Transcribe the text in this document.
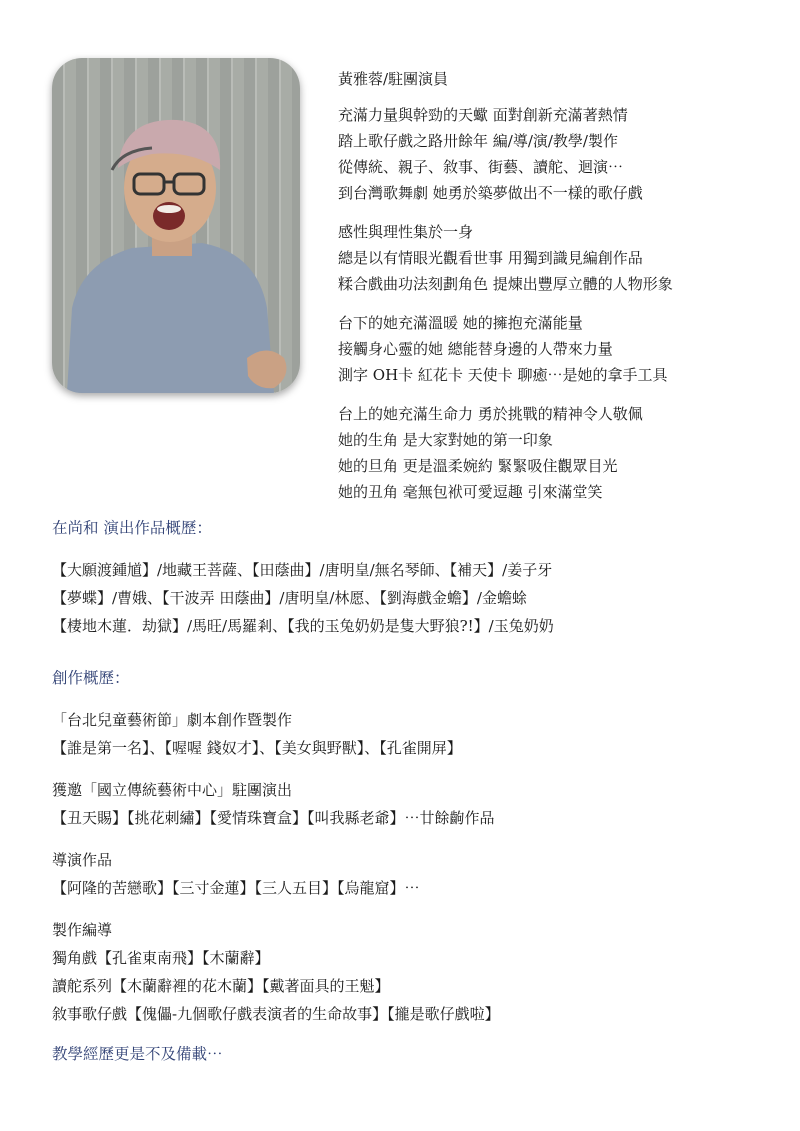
黃雅蓉/駐團演員
充滿力量與幹勁的天蠍 面對創新充滿著熱情
踏上歌仔戲之路卅餘年 編/導/演/教學/製作
從傳統、親子、敘事、街藝、讀舵、迴演⋯
到台灣歌舞劇 她勇於築夢做出不一樣的歌仔戲
感性與理性集於一身
總是以有情眼光觀看世事 用獨到識見編創作品
糅合戲曲功法刻劃角色 提煉出豐厚立體的人物形象
台下的她充滿溫暖 她的擁抱充滿能量
接觸身心靈的她 總能替身邊的人帶來力量
測字 OH卡 紅花卡 天使卡 聊癒⋯是她的拿手工具
台上的她充滿生命力 勇於挑戰的精神令人敬佩
她的生角 是大家對她的第一印象
她的旦角 更是溫柔婉約 緊緊吸住觀眾目光
她的丑角 毫無包袱可愛逗趣 引來滿堂笑
在尚和 演出作品概歷：
【大願渡鍾馗】/地藏王菩薩、【田蔭曲】/唐明皇/無名琴師、【補天】/姜子牙
【夢蝶】/曹娥、【干波弄 田蔭曲】/唐明皇/林愿、【劉海戲金蟾】/金蟾蜍
【棲地木蓮．劫獄】/馬旺/馬羅剎、【我的玉兔奶奶是隻大野狼?!】/玉兔奶奶
創作概歷：
「台北兒童藝術節」劇本創作暨製作
【誰是第一名】、【喔喔 錢奴才】、【美女與野獸】、【孔雀開屏】
獲邀「國立傳統藝術中心」駐團演出
【丑天賜】【挑花刺繡】【愛情珠寶盒】【叫我縣老爺】⋯廿餘齣作品
導演作品
【阿隆的苦戀歌】【三寸金蓮】【三人五目】【烏龍窟】⋯
製作編導
獨角戲【孔雀東南飛】【木蘭辭】
讀舵系列【木蘭辭裡的花木蘭】【戴著面具的王魁】
敘事歌仔戲【傀儡-九個歌仔戲表演者的生命故事】【攏是歌仔戲啦】
教學經歷更是不及備載⋯
